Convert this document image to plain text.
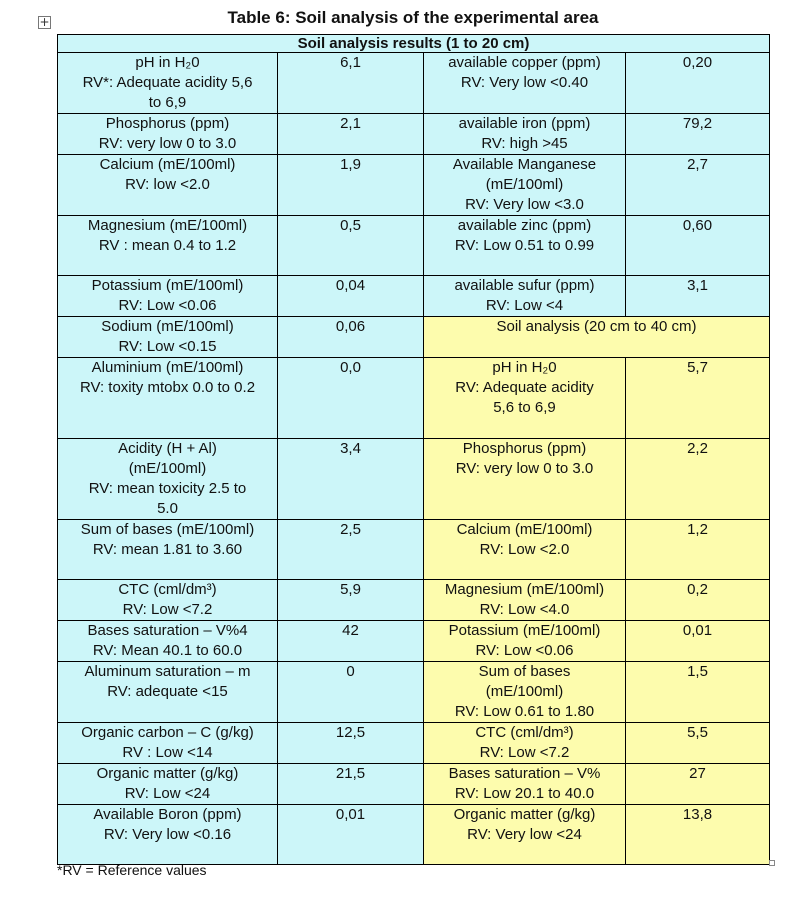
+	Table 6: Soil analysis of the experimental area
Soil analysis results (1 to 20 cm)			
pH in H₂0
RV*: Adequate acidity 5,6
to 6,9	6,1	available copper (ppm)
RV: Very low <0.40	0,20
Phosphorus (ppm)
RV: very low 0 to 3.0	2,1	available iron (ppm)
RV: high >45	79,2
Calcium (mE/100ml)
RV: low <2.0	1,9	Available Manganese
(mE/100ml)
RV: Very low <3.0	2,7
Magnesium (mE/100ml)
RV : mean 0.4 to 1.2	0,5	available zinc (ppm)
RV: Low 0.51 to 0.99	0,60
Potassium (mE/100ml)
RV: Low <0.06	0,04	available sufur (ppm)
RV: Low <4	3,1
Sodium (mE/100ml)
RV: Low <0.15	0,06	Soil analysis (20 cm to 40 cm)	
Aluminium (mE/100ml)
RV: toxity mtobx 0.0 to 0.2	0,0	pH in H₂0
RV: Adequate acidity
5,6 to 6,9	5,7
Acidity (H + Al)
(mE/100ml)
RV: mean toxicity 2.5 to
5.0	3,4	Phosphorus (ppm)
RV: very low 0 to 3.0	2,2
Sum of bases (mE/100ml)
RV: mean 1.81 to 3.60	2,5	Calcium (mE/100ml)
RV: Low <2.0	1,2
CTC (cml/dm³)
RV: Low <7.2	5,9	Magnesium (mE/100ml)
RV: Low <4.0	0,2
Bases saturation – V%4
RV: Mean 40.1 to 60.0	42	Potassium (mE/100ml)
RV: Low <0.06	0,01
Aluminum saturation – m
RV: adequate <15	0	Sum of bases
(mE/100ml)
RV: Low 0.61 to 1.80	1,5
Organic carbon – C (g/kg)
RV : Low <14	12,5	CTC (cml/dm³)
RV: Low <7.2	5,5
Organic matter (g/kg)
RV: Low <24	21,5	Bases saturation – V%
RV: Low 20.1 to 40.0	27
Available Boron (ppm)
RV: Very low <0.16	0,01	Organic matter (g/kg)
RV: Very low <24	13,8
*RV = Reference values
